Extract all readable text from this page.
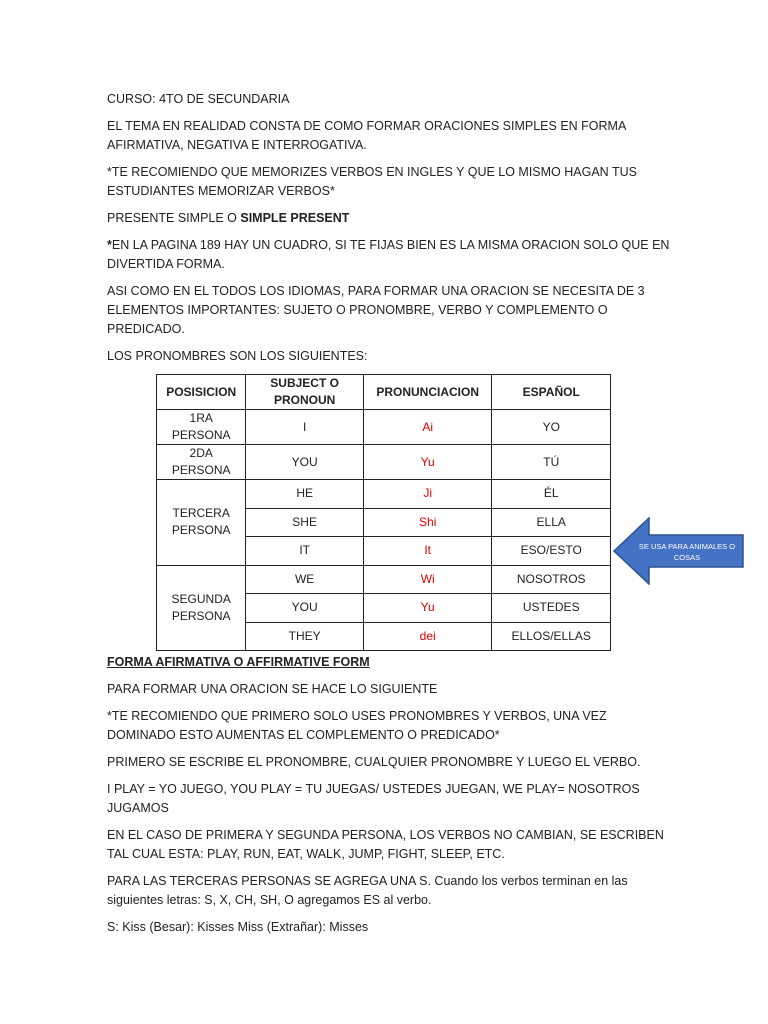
CURSO: 4TO DE SECUNDARIA

EL TEMA EN REALIDAD CONSTA DE COMO FORMAR ORACIONES SIMPLES EN FORMA AFIRMATIVA, NEGATIVA E INTERROGATIVA.

*TE RECOMIENDO QUE MEMORIZES VERBOS EN INGLES Y QUE LO MISMO HAGAN TUS ESTUDIANTES MEMORIZAR VERBOS*

PRESENTE SIMPLE O SIMPLE PRESENT

*EN LA PAGINA 189 HAY UN CUADRO, SI TE FIJAS BIEN ES LA MISMA ORACION SOLO QUE EN DIVERTIDA FORMA.

ASI COMO EN EL TODOS LOS IDIOMAS, PARA FORMAR UNA ORACION SE NECESITA DE 3 ELEMENTOS IMPORTANTES: SUJETO O PRONOMBRE, VERBO Y COMPLEMENTO O PREDICADO.

LOS PRONOMBRES SON LOS SIGUIENTES:

POSISICION	SUBJECT O PRONOUN	PRONUNCIACION	ESPAÑOL
1RA PERSONA	I	Ai	YO
2DA PERSONA	YOU	Yu	TÚ
TERCERA PERSONA	HE	Ji	ÉL
	SHE	Shi	ELLA
	IT	It	ESO/ESTO
SEGUNDA PERSONA	WE	Wi	NOSOTROS
	YOU	Yu	USTEDES
	THEY	dei	ELLOS/ELLAS

FORMA AFIRMATIVA O AFFIRMATIVE FORM

PARA FORMAR UNA ORACION SE HACE LO SIGUIENTE

*TE RECOMIENDO QUE PRIMERO SOLO USES PRONOMBRES Y VERBOS, UNA VEZ DOMINADO ESTO AUMENTAS EL COMPLEMENTO O PREDICADO*

PRIMERO SE ESCRIBE EL PRONOMBRE, CUALQUIER PRONOMBRE Y LUEGO EL VERBO.

I PLAY = YO JUEGO, YOU PLAY = TU JUEGAS/ USTEDES JUEGAN, WE PLAY= NOSOTROS JUGAMOS

EN EL CASO DE PRIMERA Y SEGUNDA PERSONA, LOS VERBOS NO CAMBIAN, SE ESCRIBEN TAL CUAL ESTA: PLAY, RUN, EAT, WALK, JUMP, FIGHT, SLEEP, ETC.

PARA LAS TERCERAS PERSONAS SE AGREGA UNA S. Cuando los verbos terminan en las siguientes letras: S, X, CH, SH, O agregamos ES al verbo.

S: Kiss (Besar): Kisses Miss (Extrañar): Misses

SE USA PARA ANIMALES O COSAS
